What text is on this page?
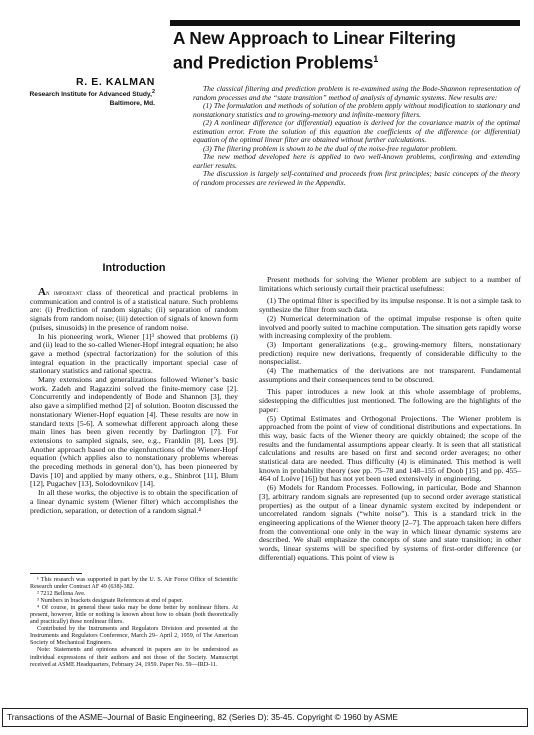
A New Approach to Linear Filtering
and Prediction Problems$^1$
R. E. KALMAN
Research Institute for Advanced Study,$^2$
Baltimore, Md.

The classical filtering and prediction problem is re-examined using the Bode-Shannon representation of random processes and the “state transition” method of analysis of dynamic systems. New results are:

(1) The formulation and methods of solution of the problem apply without modification to stationary and nonstationary statistics and to growing-memory and infinite-memory filters.

(2) A nonlinear difference (or differential) equation is derived for the covariance matrix of the optimal estimation error. From the solution of this equation the coefficients of the difference (or differential) equation of the optimal linear filter are obtained without further calculations.

(3) The filtering problem is shown to be the dual of the noise-free regulator problem.

The new method developed here is applied to two well-known problems, confirming and extending earlier results.

The discussion is largely self-contained and proceeds from first principles; basic concepts of the theory of random processes are reviewed in the Appendix.

Introduction

An important class of theoretical and practical problems in communication and control is of a statistical nature. Such problems are: (i) Prediction of random signals; (ii) separation of random signals from random noise; (iii) detection of signals of known form (pulses, sinusoids) in the presence of random noise.

In his pioneering work, Wiener [1]³ showed that problems (i) and (ii) lead to the so-called Wiener-Hopf integral equation; he also gave a method (spectral factorization) for the solution of this integral equation in the practically important special case of stationary statistics and rational spectra.

Many extensions and generalizations followed Wiener’s basic work. Zadeh and Ragazzini solved the finite-memory case [2]. Concurrently and independently of Bode and Shannon [3], they also gave a simplified method [2] of solution. Booton discussed the nonstationary Wiener-Hopf equation [4]. These results are now in standard texts [5-6]. A somewhat different approach along these main lines has been given recently by Darlington [7]. For extensions to sampled signals, see, e.g., Franklin [8], Lees [9]. Another approach based on the eigenfunctions of the Wiener-Hopf equation (which applies also to nonstationary problems whereas the preceding methods in general don’t), has been pioneered by Davis [10] and applied by many others, e.g., Shinbrot [11], Blum [12], Pugachev [13], Solodovnikov [14].

In all these works, the objective is to obtain the specification of a linear dynamic system (Wiener filter) which accomplishes the prediction, separation, or detection of a random signal.⁴

¹ This research was supported in part by the U. S. Air Force Office of Scientific Research under Contract AF 49 (638)-382.

² 7212 Bellona Ave.

³ Numbers in brackets designate References at end of paper.

⁴ Of course, in general these tasks may be done better by nonlinear filters. At present, however, little or nothing is known about how to obtain (both theoretically and practically) these nonlinear filters.

Contributed by the Instruments and Regulators Division and presented at the Instruments and Regulators Conference, March 29– April 2, 1959, of The American Society of Mechanical Engineers.

Note: Statements and opinions advanced in papers are to be understood as individual expressions of their authors and not those of the Society. Manuscript received at ASME Headquarters, February 24, 1959. Paper No. 59—IRD-11.

Present methods for solving the Wiener problem are subject to a number of limitations which seriously curtail their practical usefulness:

(1) The optimal filter is specified by its impulse response. It is not a simple task to synthesize the filter from such data.

(2) Numerical determination of the optimal impulse response is often quite involved and poorly suited to machine computation. The situation gets rapidly worse with increasing complexity of the problem.

(3) Important generalizations (e.g., growing-memory filters, nonstationary prediction) require new derivations, frequently of considerable difficulty to the nonspecialist.

(4) The mathematics of the derivations are not transparent. Fundamental assumptions and their consequences tend to be obscured.

This paper introduces a new look at this whole assemblage of problems, sidestepping the difficulties just mentioned. The following are the highlights of the paper:

(5) Optimal Estimates and Orthogonal Projections. The Wiener problem is approached from the point of view of conditional distributions and expectations. In this way, basic facts of the Wiener theory are quickly obtained; the scope of the results and the fundamental assumptions appear clearly. It is seen that all statistical calculations and results are based on first and second order averages; no other statistical data are needed. Thus difficulty (4) is eliminated. This method is well known in probability theory (see pp. 75–78 and 148–155 of Doob [15] and pp. 455–464 of Loève [16]) but has not yet been used extensively in engineering.

(6) Models for Random Processes. Following, in particular, Bode and Shannon [3], arbitrary random signals are represented (up to second order average statistical properties) as the output of a linear dynamic system excited by independent or uncorrelated random signals (“white noise”). This is a standard trick in the engineering applications of the Wiener theory [2–7]. The approach taken here differs from the conventional one only in the way in which linear dynamic systems are described. We shall emphasize the concepts of state and state transition; in other words, linear systems will be specified by systems of first-order difference (or differential) equations. This point of view is

Transactions of the ASME–Journal of Basic Engineering, 82 (Series D): 35-45. Copyright © 1960 by ASME
